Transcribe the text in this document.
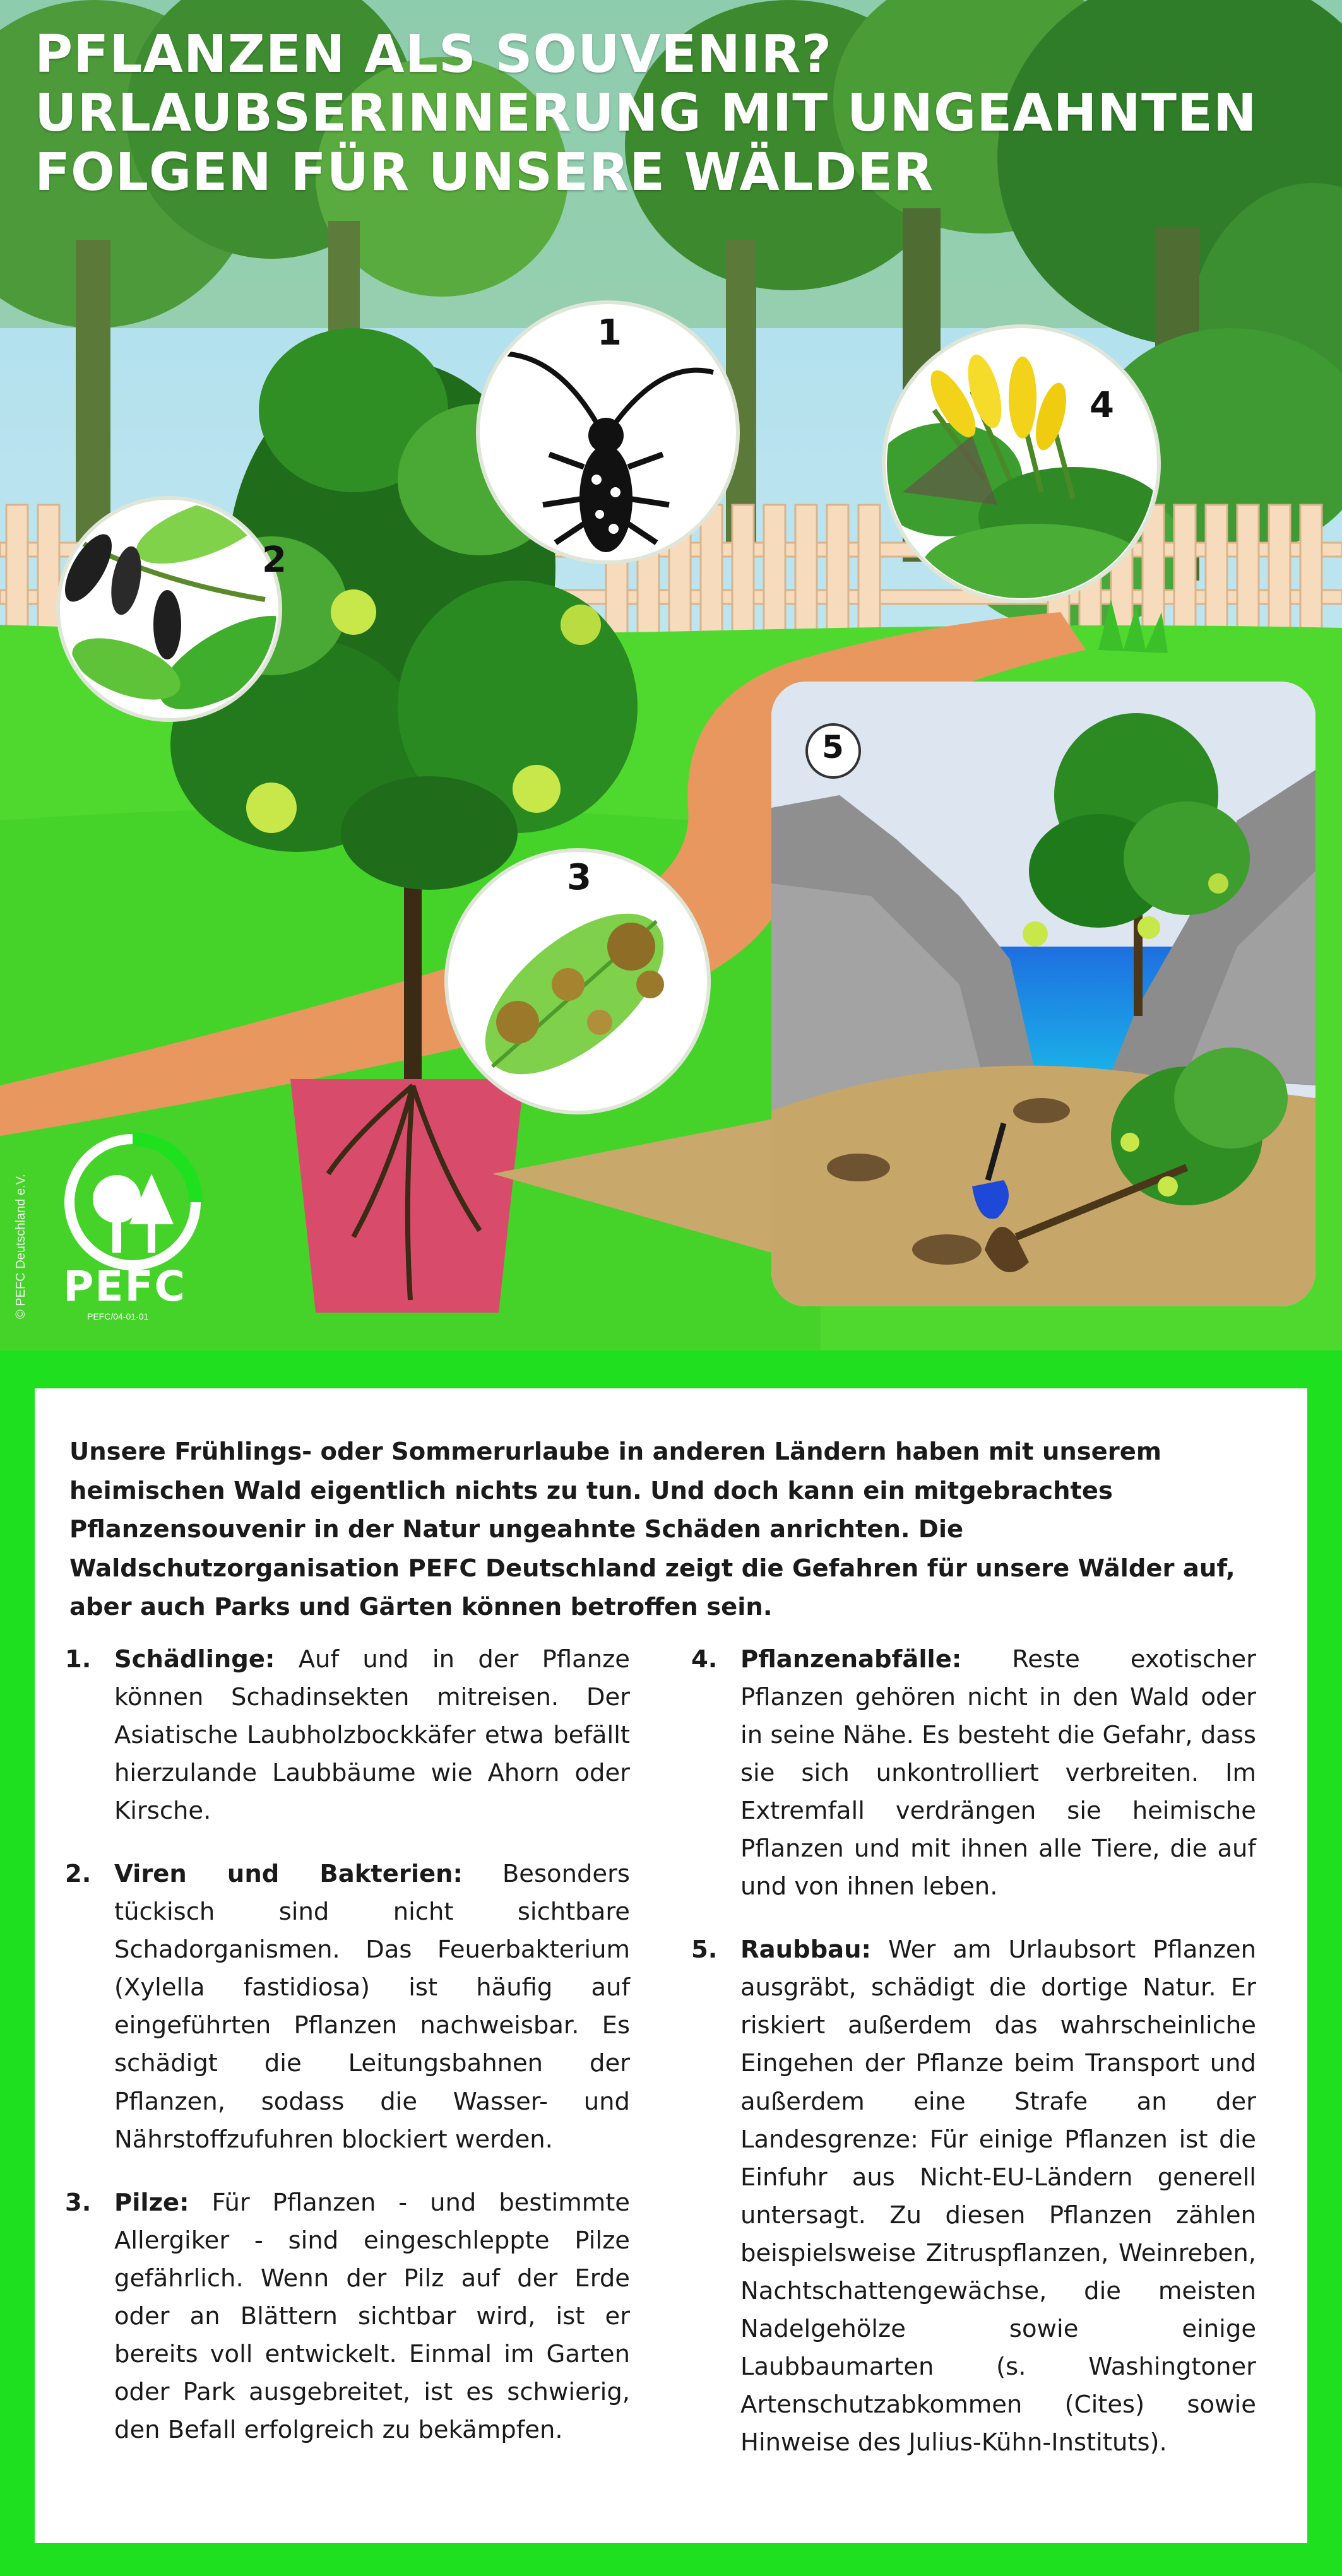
PFLANZEN ALS SOUVENIR?
URLAUBSERINNERUNG MIT UNGEAHNTEN
FOLGEN FÜR UNSERE WÄLDER
1
2
3
4
5
© PEFC Deutschland e.V. PEFC
PEFC/04-01-01

Unsere Frühlings- oder Sommerurlaube in anderen Ländern haben mit unserem heimischen Wald eigentlich nichts zu tun. Und doch kann ein mitgebrachtes Pflanzensouvenir in der Natur ungeahnte Schäden anrichten. Die Waldschutzorganisation PEFC Deutschland zeigt die Gefahren für unsere Wälder auf, aber auch Parks und Gärten können betroffen sein.

1. Schädlinge: Auf und in der Pflanze können Schadinsekten mitreisen. Der Asiatische Laubholzbockkäfer etwa befällt hierzulande Laubbäume wie Ahorn oder Kirsche.
2. Viren und Bakterien: Besonders tückisch sind nicht sichtbare Schadorganismen. Das Feuerbakterium (Xylella fastidiosa) ist häufig auf eingeführten Pflanzen nachweisbar. Es schädigt die Leitungsbahnen der Pflanzen, sodass die Wasser- und Nährstoffzufuhren blockiert werden.
3. Pilze: Für Pflanzen - und bestimmte Allergiker - sind eingeschleppte Pilze gefährlich. Wenn der Pilz auf der Erde oder an Blättern sichtbar wird, ist er bereits voll entwickelt. Einmal im Garten oder Park ausgebreitet, ist es schwierig, den Befall erfolgreich zu bekämpfen.
4. Pflanzenabfälle: Reste exotischer Pflanzen gehören nicht in den Wald oder in seine Nähe. Es besteht die Gefahr, dass sie sich unkontrolliert verbreiten. Im Extremfall verdrängen sie heimische Pflanzen und mit ihnen alle Tiere, die auf und von ihnen leben.
5. Raubbau: Wer am Urlaubsort Pflanzen ausgräbt, schädigt die dortige Natur. Er riskiert außerdem das wahrscheinliche Eingehen der Pflanze beim Transport und außerdem eine Strafe an der Landesgrenze: Für einige Pflanzen ist die Einfuhr aus Nicht-EU-Ländern generell untersagt. Zu diesen Pflanzen zählen beispielsweise Zitruspflanzen, Weinreben, Nachtschattengewächse, die meisten Nadelgehölze sowie einige Laubbaumarten (s. Washingtoner Artenschutzabkommen (Cites) sowie Hinweise des Julius-Kühn-Instituts).
